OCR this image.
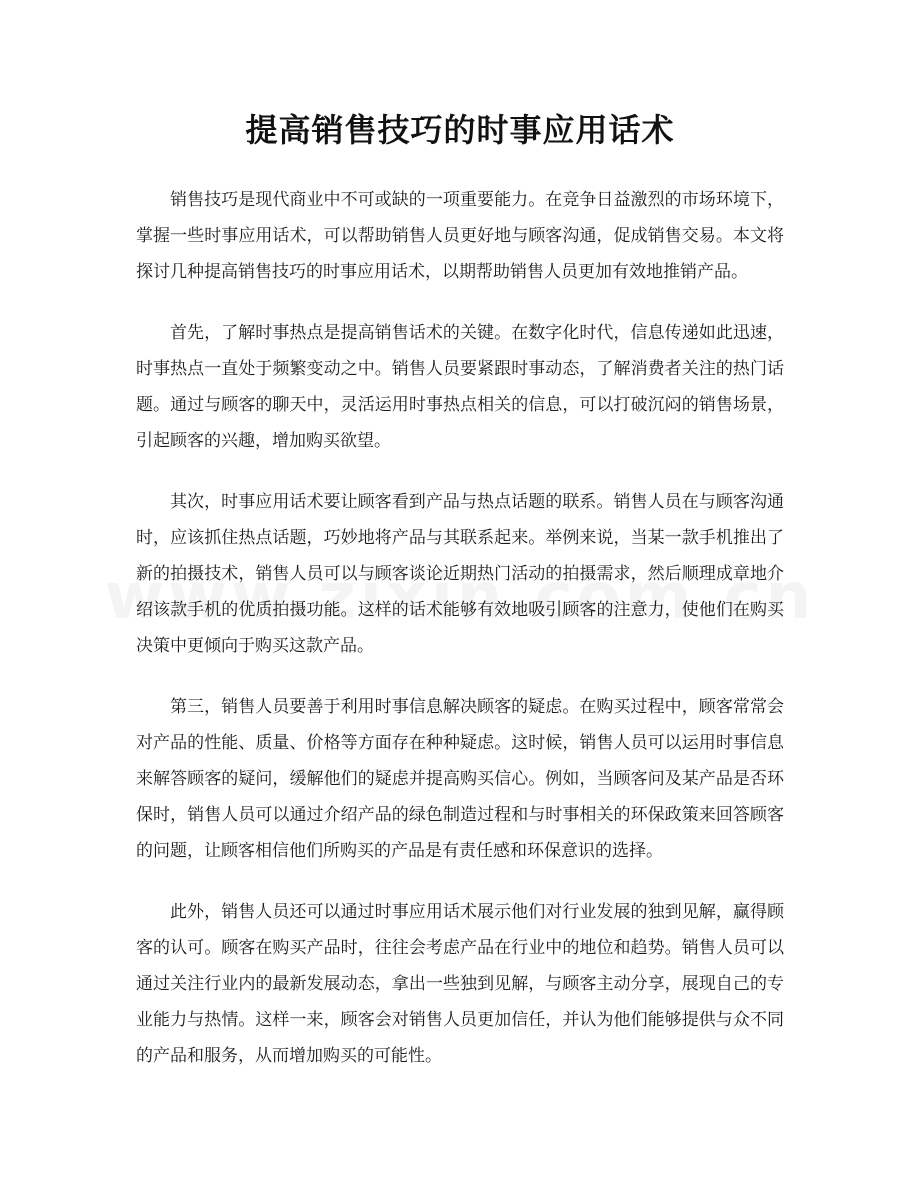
提高销售技巧的时事应用话术

销售技巧是现代商业中不可或缺的一项重要能力。在竞争日益激烈的市场环境下，掌握一些时事应用话术，可以帮助销售人员更好地与顾客沟通，促成销售交易。本文将探讨几种提高销售技巧的时事应用话术，以期帮助销售人员更加有效地推销产品。

首先，了解时事热点是提高销售话术的关键。在数字化时代，信息传递如此迅速，时事热点一直处于频繁变动之中。销售人员要紧跟时事动态，了解消费者关注的热门话题。通过与顾客的聊天中，灵活运用时事热点相关的信息，可以打破沉闷的销售场景，引起顾客的兴趣，增加购买欲望。

其次，时事应用话术要让顾客看到产品与热点话题的联系。销售人员在与顾客沟通时，应该抓住热点话题，巧妙地将产品与其联系起来。举例来说，当某一款手机推出了新的拍摄技术，销售人员可以与顾客谈论近期热门活动的拍摄需求，然后顺理成章地介绍该款手机的优质拍摄功能。这样的话术能够有效地吸引顾客的注意力，使他们在购买决策中更倾向于购买这款产品。

第三，销售人员要善于利用时事信息解决顾客的疑虑。在购买过程中，顾客常常会对产品的性能、质量、价格等方面存在种种疑虑。这时候，销售人员可以运用时事信息来解答顾客的疑问，缓解他们的疑虑并提高购买信心。例如，当顾客问及某产品是否环保时，销售人员可以通过介绍产品的绿色制造过程和与时事相关的环保政策来回答顾客的问题，让顾客相信他们所购买的产品是有责任感和环保意识的选择。

此外，销售人员还可以通过时事应用话术展示他们对行业发展的独到见解，赢得顾客的认可。顾客在购买产品时，往往会考虑产品在行业中的地位和趋势。销售人员可以通过关注行业内的最新发展动态，拿出一些独到见解，与顾客主动分享，展现自己的专业能力与热情。这样一来，顾客会对销售人员更加信任，并认为他们能够提供与众不同的产品和服务，从而增加购买的可能性。
